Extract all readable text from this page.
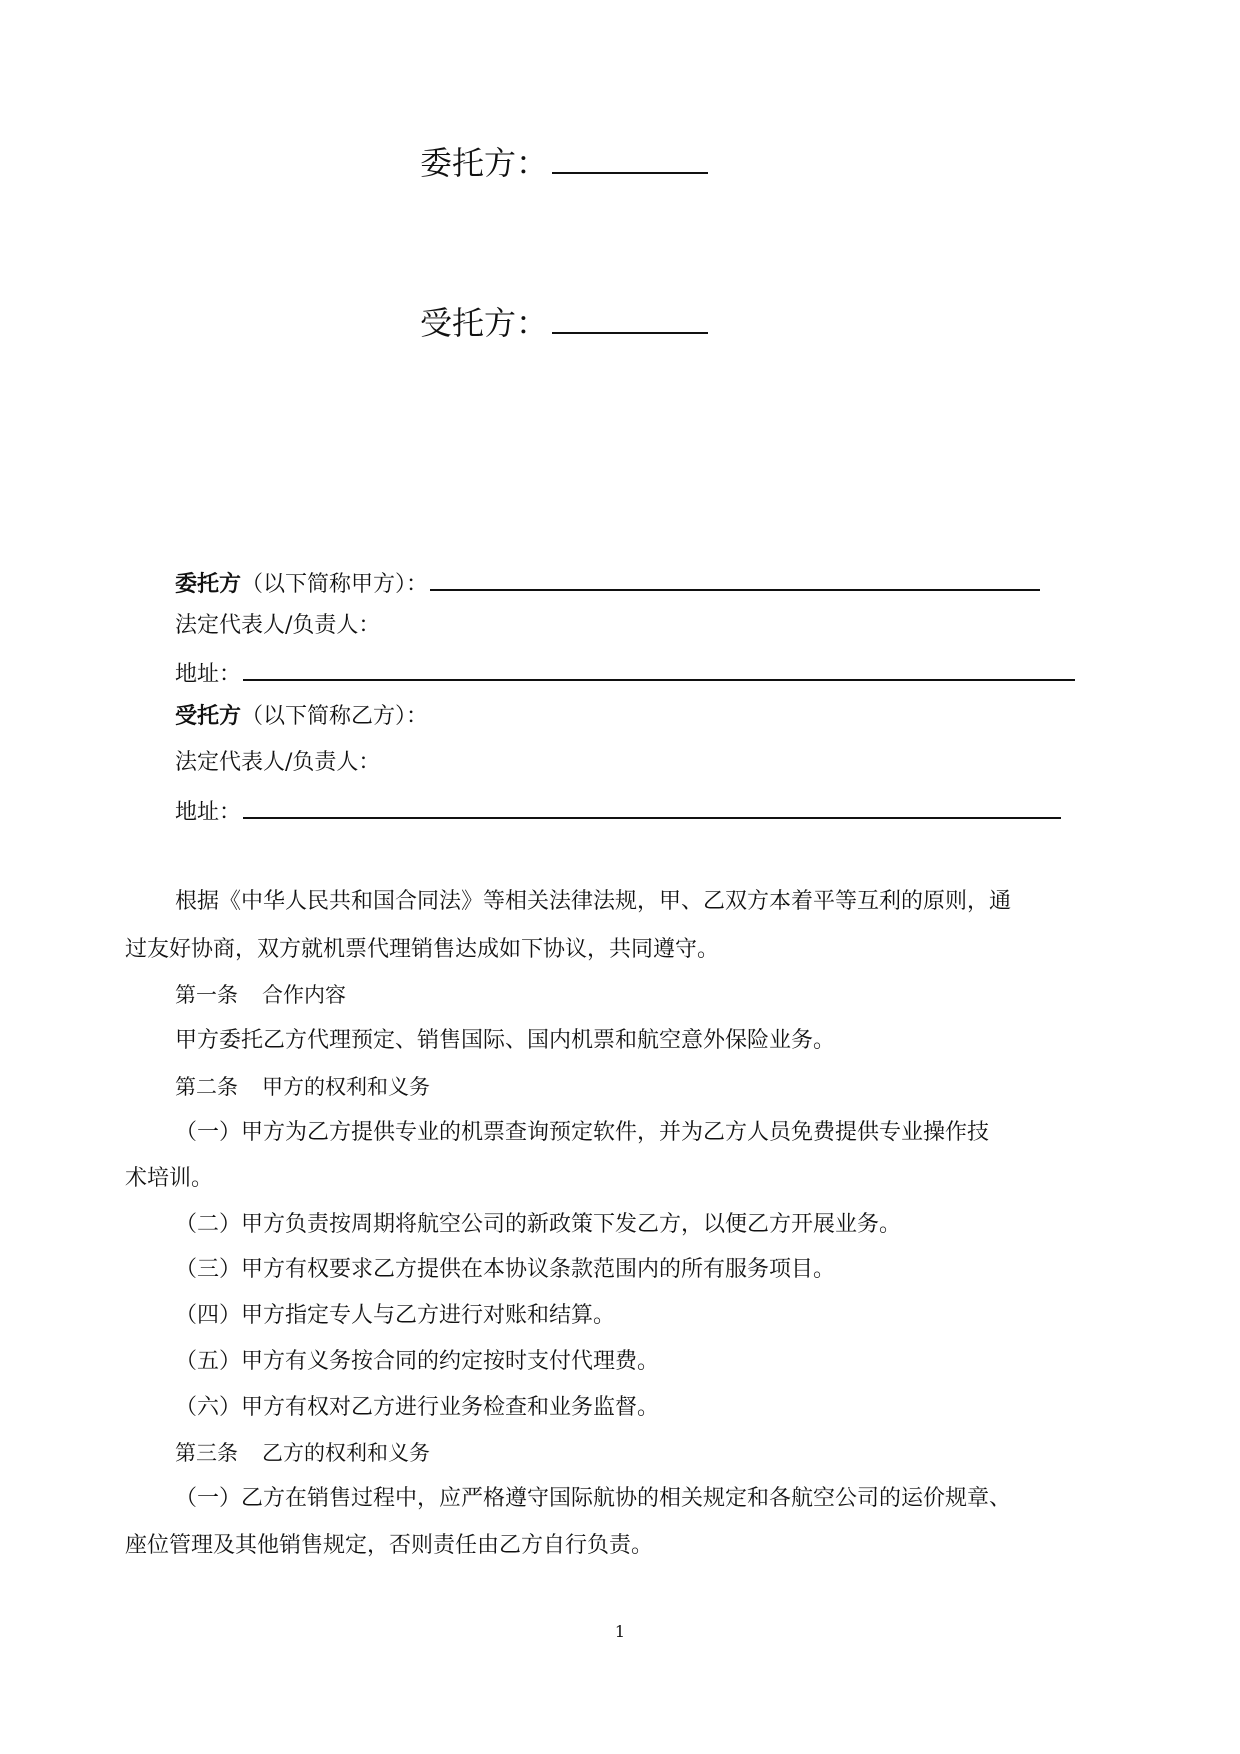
委托方：
受托方：
委托方（以下简称甲方）：
法定代表人/负责人：
地址：
受托方（以下简称乙方）：
法定代表人/负责人：
地址：
根据《中华人民共和国合同法》等相关法律法规，甲、乙双方本着平等互利的原则，通
过友好协商，双方就机票代理销售达成如下协议，共同遵守。
第一条 合作内容
甲方委托乙方代理预定、销售国际、国内机票和航空意外保险业务。
第二条 甲方的权利和义务
（一）甲方为乙方提供专业的机票查询预定软件，并为乙方人员免费提供专业操作技
术培训。
（二）甲方负责按周期将航空公司的新政策下发乙方，以便乙方开展业务。
（三）甲方有权要求乙方提供在本协议条款范围内的所有服务项目。
（四）甲方指定专人与乙方进行对账和结算。
（五）甲方有义务按合同的约定按时支付代理费。
（六）甲方有权对乙方进行业务检查和业务监督。
第三条 乙方的权利和义务
（一）乙方在销售过程中，应严格遵守国际航协的相关规定和各航空公司的运价规章、
座位管理及其他销售规定，否则责任由乙方自行负责。
1
